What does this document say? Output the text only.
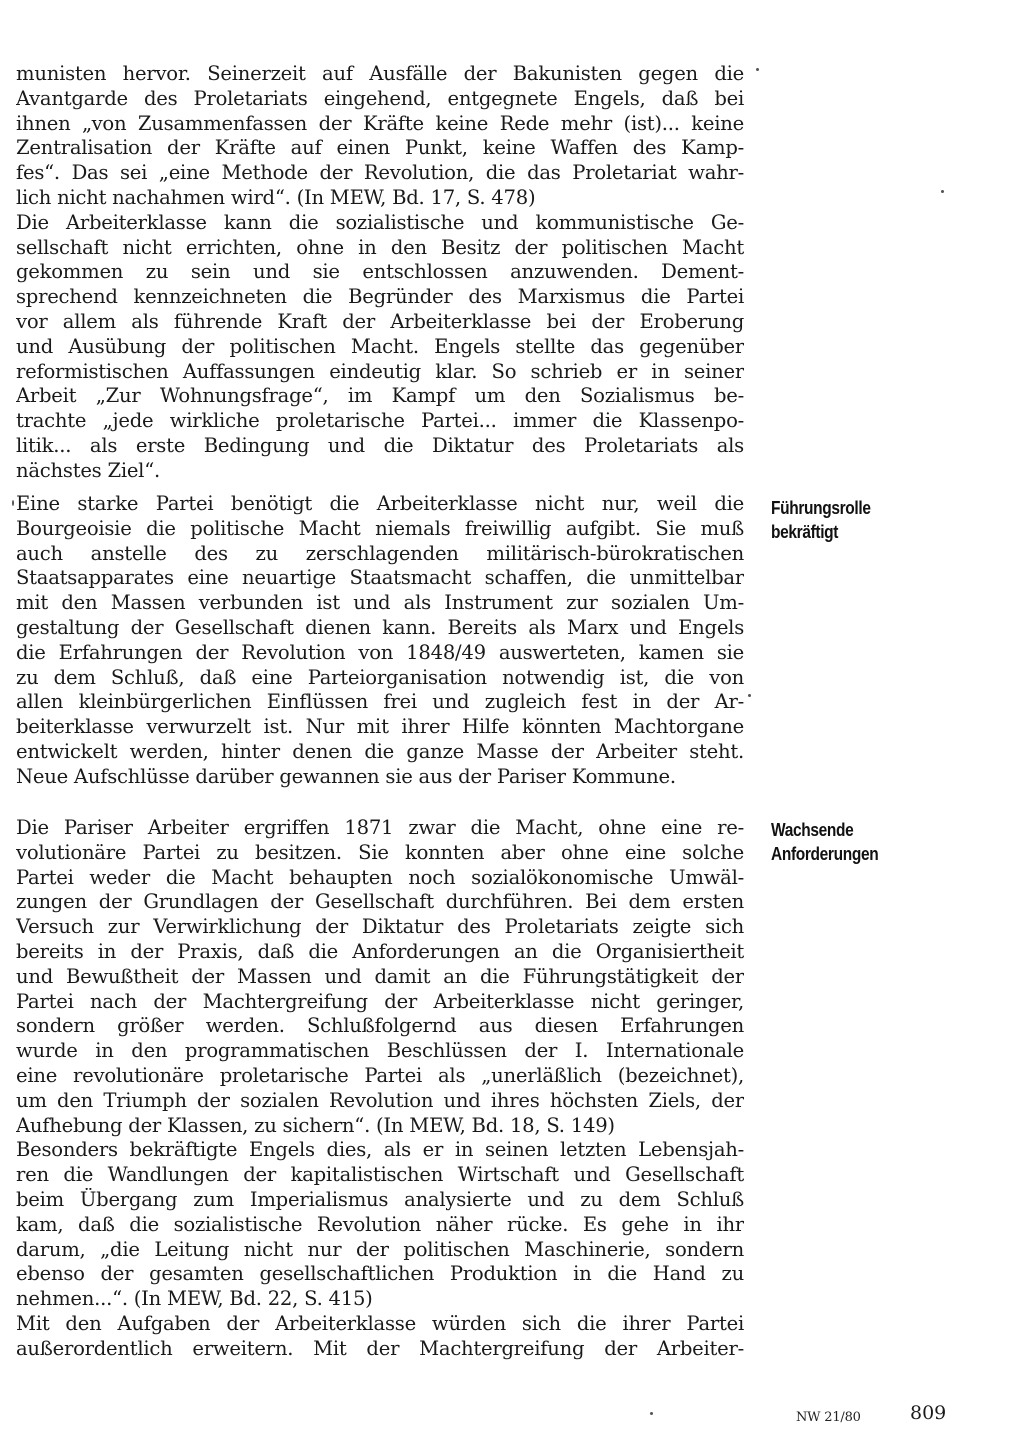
munisten hervor. Seinerzeit auf Ausfälle der Bakunisten gegen die
Avantgarde des Proletariats eingehend, entgegnete Engels, daß bei
ihnen „von Zusammenfassen der Kräfte keine Rede mehr (ist)... keine
Zentralisation der Kräfte auf einen Punkt, keine Waffen des Kamp-
fes“. Das sei „eine Methode der Revolution, die das Proletariat wahr-
lich nicht nachahmen wird“. (In MEW, Bd. 17, S. 478)
Die Arbeiterklasse kann die sozialistische und kommunistische Ge-
sellschaft nicht errichten, ohne in den Besitz der politischen Macht
gekommen zu sein und sie entschlossen anzuwenden. Dement-
sprechend kennzeichneten die Begründer des Marxismus die Partei
vor allem als führende Kraft der Arbeiterklasse bei der Eroberung
und Ausübung der politischen Macht. Engels stellte das gegenüber
reformistischen Auffassungen eindeutig klar. So schrieb er in seiner
Arbeit „Zur Wohnungsfrage“, im Kampf um den Sozialismus be-
trachte „jede wirkliche proletarische Partei... immer die Klassenpo-
litik... als erste Bedingung und die Diktatur des Proletariats als
nächstes Ziel“.
Eine starke Partei benötigt die Arbeiterklasse nicht nur, weil die
Bourgeoisie die politische Macht niemals freiwillig aufgibt. Sie muß
auch anstelle des zu zerschlagenden militärisch-bürokratischen
Staatsapparates eine neuartige Staatsmacht schaffen, die unmittelbar
mit den Massen verbunden ist und als Instrument zur sozialen Um-
gestaltung der Gesellschaft dienen kann. Bereits als Marx und Engels
die Erfahrungen der Revolution von 1848/49 auswerteten, kamen sie
zu dem Schluß, daß eine Parteiorganisation notwendig ist, die von
allen kleinbürgerlichen Einflüssen frei und zugleich fest in der Ar-
beiterklasse verwurzelt ist. Nur mit ihrer Hilfe könnten Machtorgane
entwickelt werden, hinter denen die ganze Masse der Arbeiter steht.
Neue Aufschlüsse darüber gewannen sie aus der Pariser Kommune.
Die Pariser Arbeiter ergriffen 1871 zwar die Macht, ohne eine re-
volutionäre Partei zu besitzen. Sie konnten aber ohne eine solche
Partei weder die Macht behaupten noch sozialökonomische Umwäl-
zungen der Grundlagen der Gesellschaft durchführen. Bei dem ersten
Versuch zur Verwirklichung der Diktatur des Proletariats zeigte sich
bereits in der Praxis, daß die Anforderungen an die Organisiertheit
und Bewußtheit der Massen und damit an die Führungstätigkeit der
Partei nach der Machtergreifung der Arbeiterklasse nicht geringer,
sondern größer werden. Schlußfolgernd aus diesen Erfahrungen
wurde in den programmatischen Beschlüssen der I. Internationale
eine revolutionäre proletarische Partei als „unerläßlich (bezeichnet),
um den Triumph der sozialen Revolution und ihres höchsten Ziels, der
Aufhebung der Klassen, zu sichern“. (In MEW, Bd. 18, S. 149)
Besonders bekräftigte Engels dies, als er in seinen letzten Lebensjah-
ren die Wandlungen der kapitalistischen Wirtschaft und Gesellschaft
beim Übergang zum Imperialismus analysierte und zu dem Schluß
kam, daß die sozialistische Revolution näher rücke. Es gehe in ihr
darum, „die Leitung nicht nur der politischen Maschinerie, sondern
ebenso der gesamten gesellschaftlichen Produktion in die Hand zu
nehmen...“. (In MEW, Bd. 22, S. 415)
Mit den Aufgaben der Arbeiterklasse würden sich die ihrer Partei
außerordentlich erweitern. Mit der Machtergreifung der Arbeiter-
Führungsrolle
bekräftigt
Wachsende
Anforderungen
NW 21/80	809
